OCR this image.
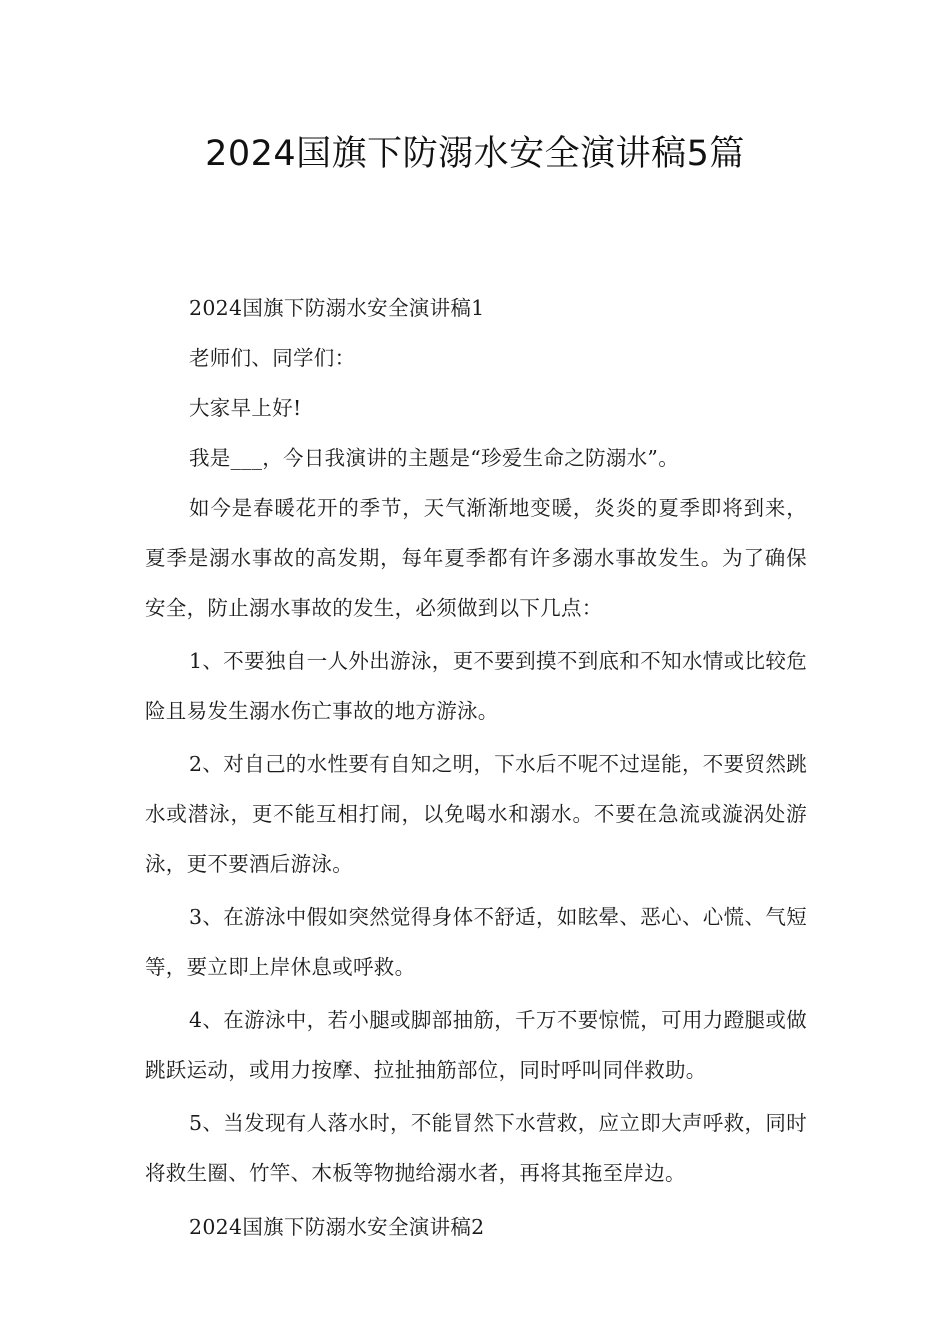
2024国旗下防溺水安全演讲稿5篇

2024国旗下防溺水安全演讲稿1

老师们、同学们：

大家早上好!

我是___，今日我演讲的主题是“珍爱生命之防溺水”。

如今是春暖花开的季节，天气渐渐地变暖，炎炎的夏季即将到来，夏季是溺水事故的高发期，每年夏季都有许多溺水事故发生。为了确保安全，防止溺水事故的发生，必须做到以下几点：

1、不要独自一人外出游泳，更不要到摸不到底和不知水情或比较危险且易发生溺水伤亡事故的地方游泳。

2、对自己的水性要有自知之明，下水后不呢不过逞能，不要贸然跳水或潜泳，更不能互相打闹，以免喝水和溺水。不要在急流或漩涡处游泳，更不要酒后游泳。

3、在游泳中假如突然觉得身体不舒适，如眩晕、恶心、心慌、气短等，要立即上岸休息或呼救。

4、在游泳中，若小腿或脚部抽筋，千万不要惊慌，可用力蹬腿或做跳跃运动，或用力按摩、拉扯抽筋部位，同时呼叫同伴救助。

5、当发现有人落水时，不能冒然下水营救，应立即大声呼救，同时将救生圈、竹竿、木板等物抛给溺水者，再将其拖至岸边。

2024国旗下防溺水安全演讲稿2
